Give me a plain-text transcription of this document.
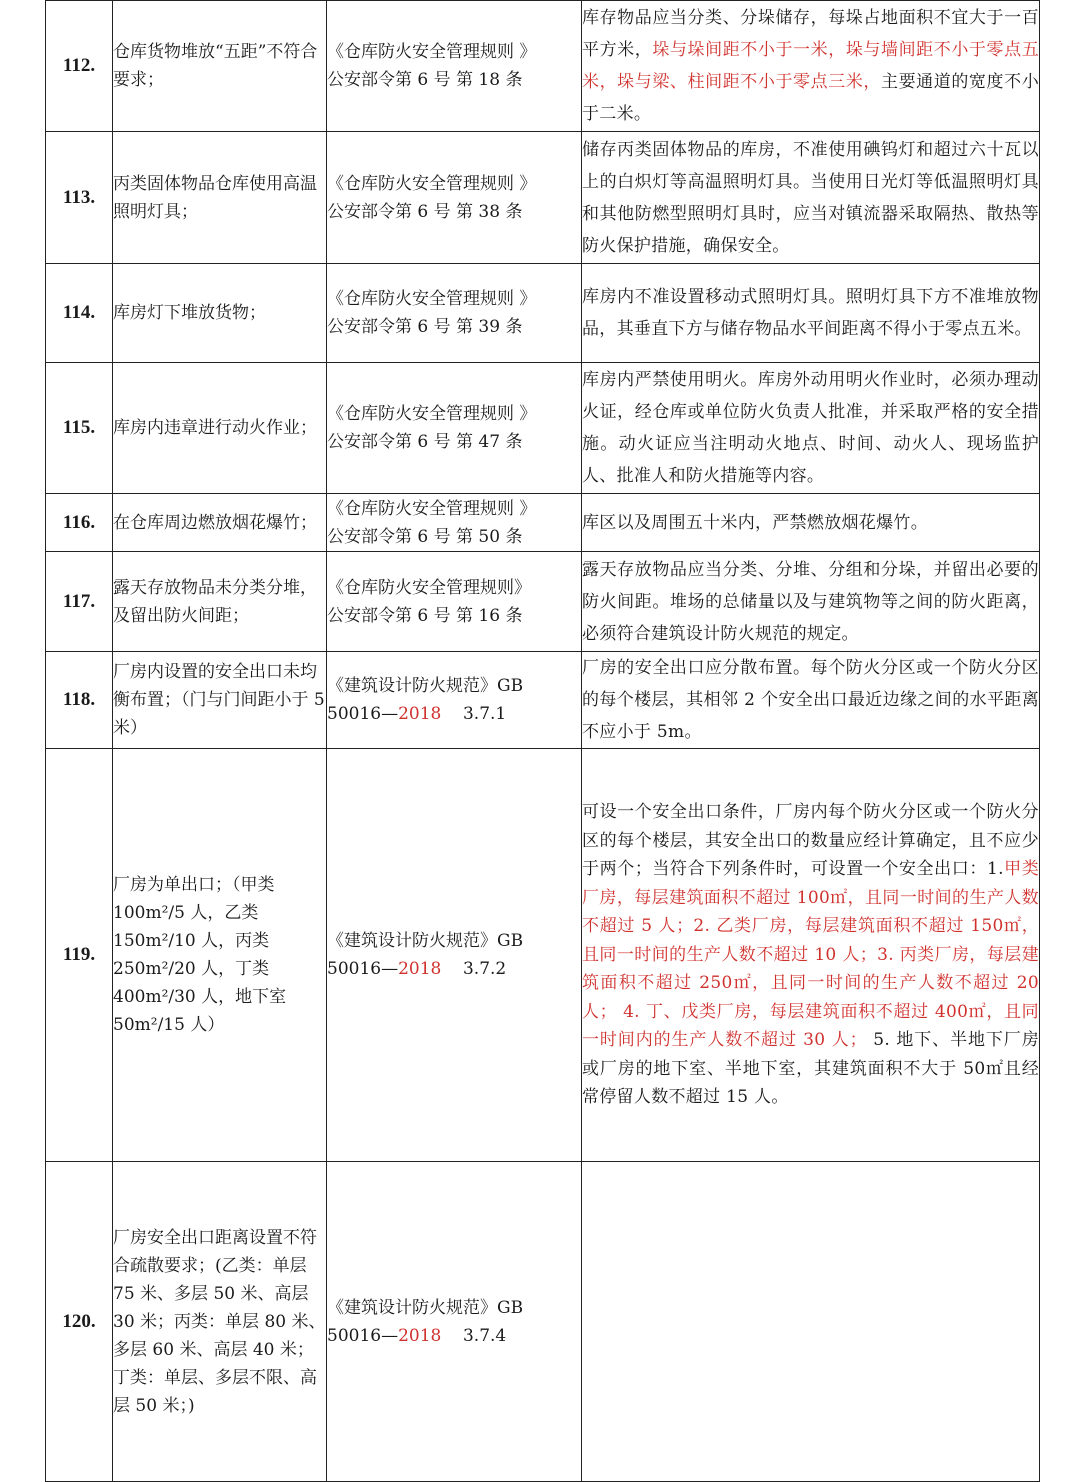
112.	仓库货物堆放“五距”不符合要求；	《仓库防火安全管理规则 》
公安部令第 6 号 第 18 条	库存物品应当分类、分垛储存，每垛占地面积不宜大于一百平方米，垛与垛间距不小于一米，垛与墙间距不小于零点五米，垛与梁、柱间距不小于零点三米，主要通道的宽度不小于二米。
113.	丙类固体物品仓库使用高温照明灯具；	《仓库防火安全管理规则 》
公安部令第 6 号 第 38 条	储存丙类固体物品的库房，不准使用碘钨灯和超过六十瓦以上的白炽灯等高温照明灯具。当使用日光灯等低温照明灯具和其他防燃型照明灯具时，应当对镇流器采取隔热、散热等防火保护措施，确保安全。
114.	库房灯下堆放货物；	《仓库防火安全管理规则 》
公安部令第 6 号 第 39 条	库房内不准设置移动式照明灯具。照明灯具下方不准堆放物品，其垂直下方与储存物品水平间距离不得小于零点五米。
115.	库房内违章进行动火作业；	《仓库防火安全管理规则 》
公安部令第 6 号 第 47 条	库房内严禁使用明火。库房外动用明火作业时，必须办理动火证，经仓库或单位防火负责人批准，并采取严格的安全措施。动火证应当注明动火地点、时间、动火人、现场监护人、批准人和防火措施等内容。
116.	在仓库周边燃放烟花爆竹；	《仓库防火安全管理规则 》
公安部令第 6 号 第 50 条	库区以及周围五十米内，严禁燃放烟花爆竹。
117.	露天存放物品未分类分堆，及留出防火间距；	《仓库防火安全管理规则》
公安部令第 6 号 第 16 条	露天存放物品应当分类、分堆、分组和分垛，并留出必要的防火间距。堆场的总储量以及与建筑物等之间的防火距离，必须符合建筑设计防火规范的规定。
118.	厂房内设置的安全出口未均衡布置；（门与门间距小于 5 米）	《建筑设计防火规范》GB
50016—2018 3.7.1	厂房的安全出口应分散布置。每个防火分区或一个防火分区的每个楼层，其相邻 2 个安全出口最近边缘之间的水平距离不应小于 5m。
119.	厂房为单出口；（甲类 100m²/5 人，乙类 150m²/10 人，丙类 250m²/20 人，丁类 400m²/30 人，地下室 50m²/15 人）	《建筑设计防火规范》GB
50016—2018 3.7.2	可设一个安全出口条件，厂房内每个防火分区或一个防火分区的每个楼层，其安全出口的数量应经计算确定，且不应少于两个；当符合下列条件时，可设置一个安全出口：1.甲类厂房，每层建筑面积不超过 100㎡，且同一时间的生产人数不超过 5 人；2. 乙类厂房，每层建筑面积不超过 150㎡，且同一时间的生产人数不超过 10 人；3. 丙类厂房，每层建筑面积不超过 250㎡，且同一时间的生产人数不超过 20 人； 4. 丁、戊类厂房，每层建筑面积不超过 400㎡，且同一时间内的生产人数不超过 30 人； 5. 地下、半地下厂房或厂房的地下室、半地下室，其建筑面积不大于 50㎡且经常停留人数不超过 15 人。
120.	厂房安全出口距离设置不符合疏散要求；(乙类：单层 75 米、多层 50 米、高层 30 米；丙类：单层 80 米、多层 60 米、高层 40 米；丁类：单层、多层不限、高层 50 米；)	《建筑设计防火规范》GB
50016—2018 3.7.4	
